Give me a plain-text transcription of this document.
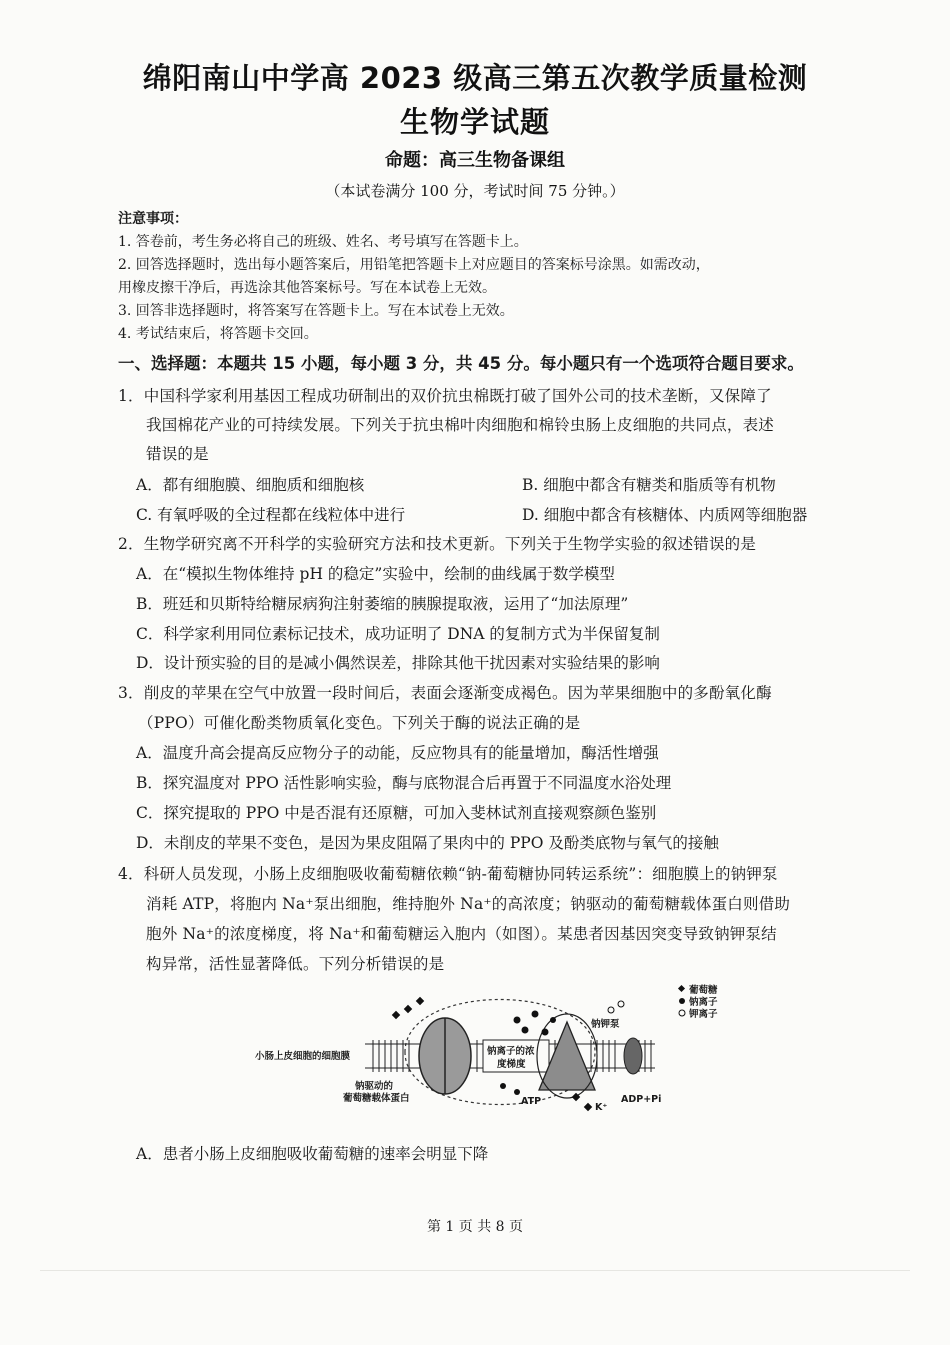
绵阳南山中学高 2023 级高三第五次教学质量检测
生物学试题
命题：高三生物备课组
（本试卷满分 100 分，考试时间 75 分钟。）
注意事项：
1. 答卷前，考生务必将自己的班级、姓名、考号填写在答题卡上。
2. 回答选择题时，选出每小题答案后，用铅笔把答题卡上对应题目的答案标号涂黑。如需改动，
用橡皮擦干净后，再选涂其他答案标号。写在本试卷上无效。
3. 回答非选择题时，将答案写在答题卡上。写在本试卷上无效。
4. 考试结束后，将答题卡交回。
一、选择题：本题共 15 小题，每小题 3 分，共 45 分。每小题只有一个选项符合题目要求。
1．中国科学家利用基因工程成功研制出的双价抗虫棉既打破了国外公司的技术垄断，又保障了
我国棉花产业的可持续发展。下列关于抗虫棉叶肉细胞和棉铃虫肠上皮细胞的共同点，表述
错误的是
A．都有细胞膜、细胞质和细胞核	B. 细胞中都含有糖类和脂质等有机物
C. 有氧呼吸的全过程都在线粒体中进行	D. 细胞中都含有核糖体、内质网等细胞器
2．生物学研究离不开科学的实验研究方法和技术更新。下列关于生物学实验的叙述错误的是
A．在“模拟生物体维持 pH 的稳定”实验中，绘制的曲线属于数学模型
B．班廷和贝斯特给糖尿病狗注射萎缩的胰腺提取液，运用了“加法原理”
C．科学家利用同位素标记技术，成功证明了 DNA 的复制方式为半保留复制
D．设计预实验的目的是减小偶然误差，排除其他干扰因素对实验结果的影响
3．削皮的苹果在空气中放置一段时间后，表面会逐渐变成褐色。因为苹果细胞中的多酚氧化酶
（PPO）可催化酚类物质氧化变色。下列关于酶的说法正确的是
A．温度升高会提高反应物分子的动能，反应物具有的能量增加，酶活性增强
B．探究温度对 PPO 活性影响实验，酶与底物混合后再置于不同温度水浴处理
C．探究提取的 PPO 中是否混有还原糖，可加入斐林试剂直接观察颜色鉴别
D．未削皮的苹果不变色，是因为果皮阻隔了果肉中的 PPO 及酚类底物与氧气的接触
4．科研人员发现，小肠上皮细胞吸收葡萄糖依赖“钠-葡萄糖协同转运系统”：细胞膜上的钠钾泵
消耗 ATP，将胞内 Na⁺泵出细胞，维持胞外 Na⁺的高浓度；钠驱动的葡萄糖载体蛋白则借助
胞外 Na⁺的浓度梯度，将 Na⁺和葡萄糖运入胞内（如图）。某患者因基因突变导致钠钾泵结
构异常，活性显著降低。下列分析错误的是
葡萄糖
钠离子
钾离子
小肠上皮细胞的细胞膜
钠驱动的
葡萄糖载体蛋白
钠离子的浓
度梯度
钠钾泵
ATP
K⁺
ADP+Pi
A．患者小肠上皮细胞吸收葡萄糖的速率会明显下降
第 1 页 共 8 页
